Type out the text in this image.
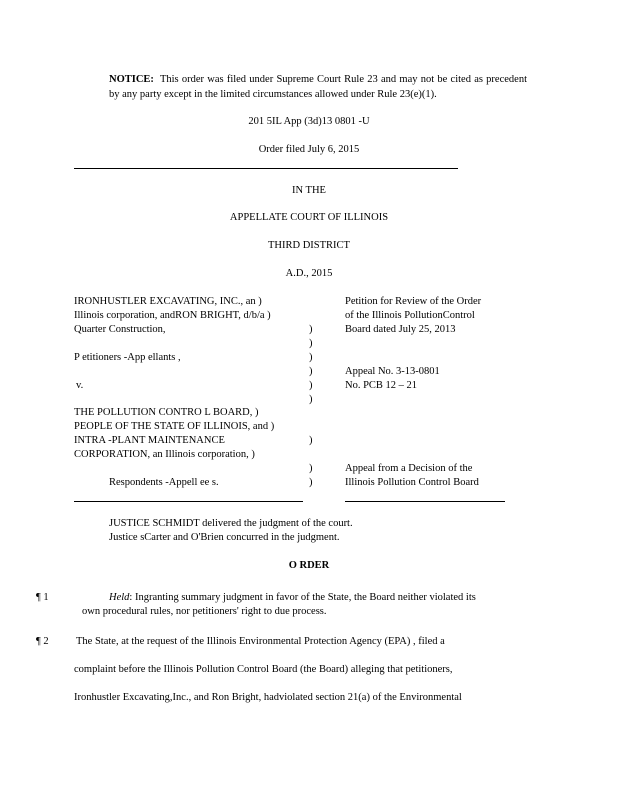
NOTICE: This order was filed under Supreme Court Rule 23 and may not be cited as precedent by any party except in the limited circumstances allowed under Rule 23(e)(1).
201 5IL App (3d)13 0801 -U
Order filed July 6, 2015
IN THE
APPELLATE COURT OF ILLINOIS
THIRD DISTRICT
A.D., 2015
IRONHUSTLER EXCAVATING, INC., an )
Illinois corporation, andRON BRIGHT, d/b/a )
Quarter Construction,
P etitioners -App ellants ,
v.
THE POLLUTION CONTRO L BOARD, )
PEOPLE OF THE STATE OF ILLINOIS, and )
INTRA -PLANT MAINTENANCE
CORPORATION, an Illinois corporation, )
Respondents -Appell ee s.
)
)
)
)
)
)
)
)
)
Petition for Review of the Order
of the Illinois PollutionControl
Board dated July 25, 2013
Appeal No. 3-13-0801
No. PCB 12 – 21
Appeal from a Decision of the
Illinois Pollution Control Board
JUSTICE SCHMIDT delivered the judgment of the court.
Justice sCarter and O'Brien concurred in the judgment.
O RDER
¶ 1	Held: Ingranting summary judgment in favor of the State, the Board neither violated its
own procedural rules, nor petitioners' right to due process.
¶ 2	The State, at the request of the Illinois Environmental Protection Agency (EPA) , filed a
complaint before the Illinois Pollution Control Board (the Board) alleging that petitioners,
Ironhustler Excavating,Inc., and Ron Bright, hadviolated section 21(a) of the Environmental
